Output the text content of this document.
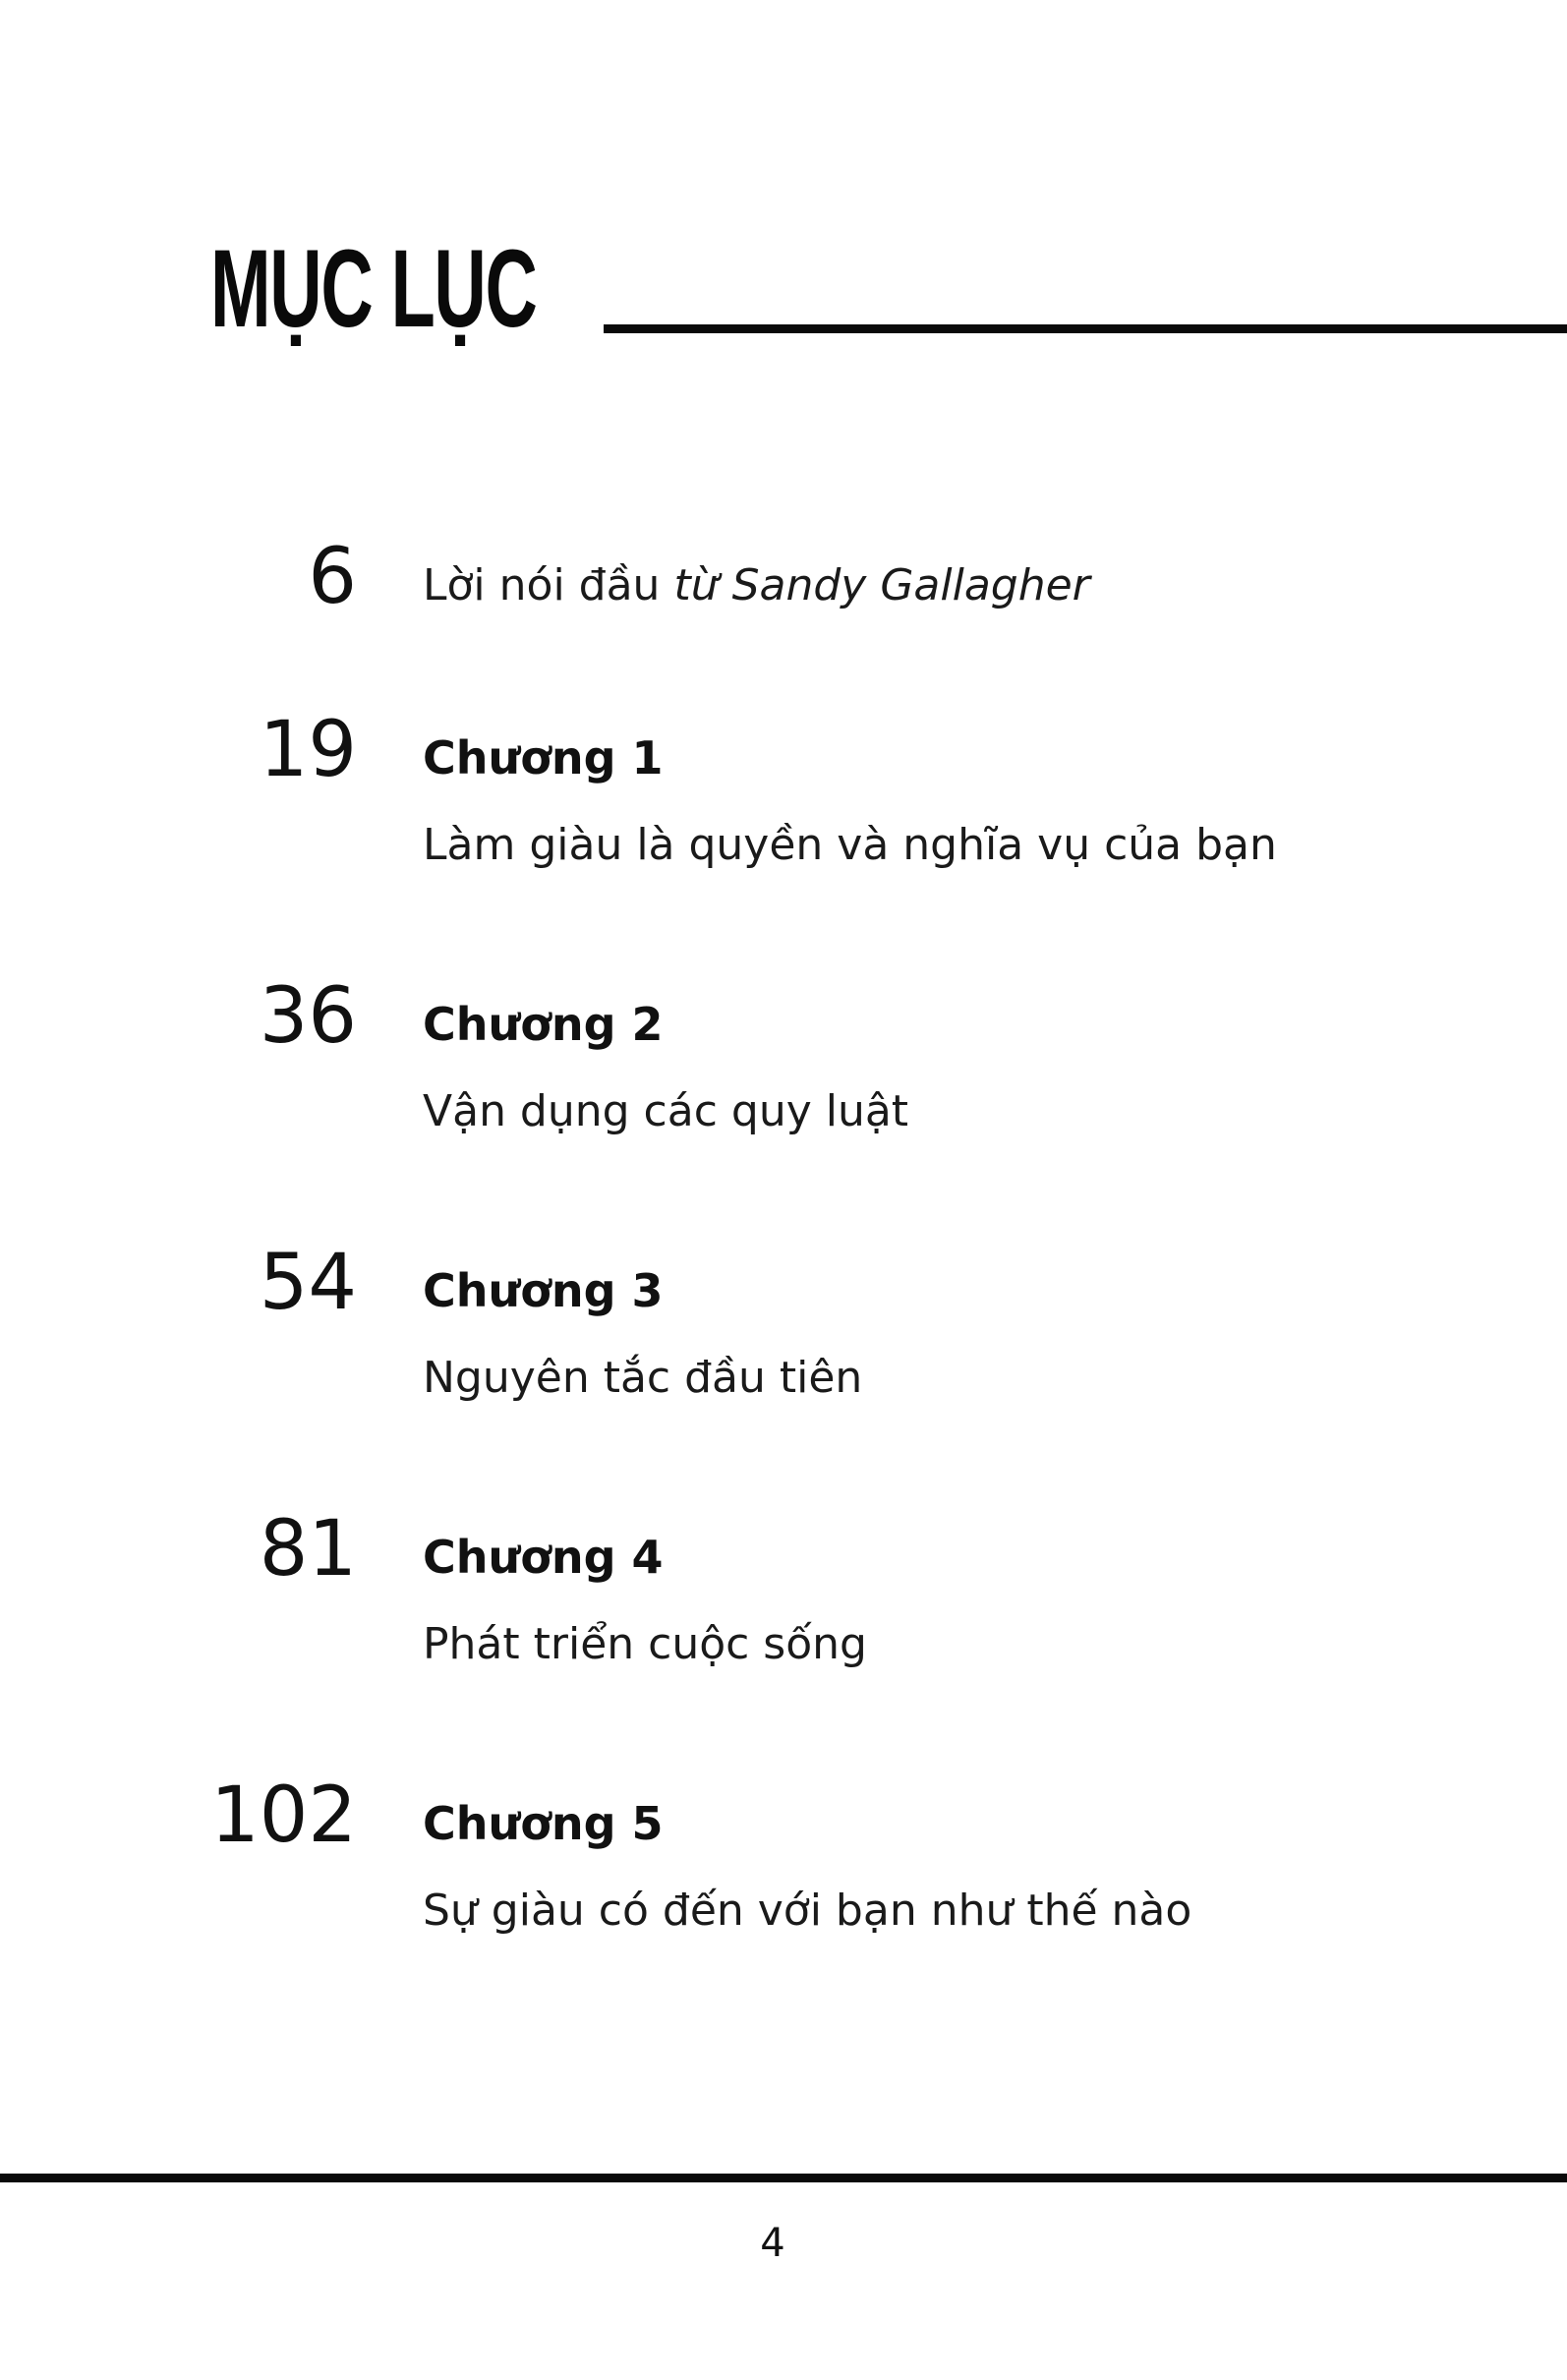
MỤC LỤC
6 Lời nói đầu từ Sandy Gallagher
19 Chương 1
Làm giàu là quyền và nghĩa vụ của bạn
36 Chương 2
Vận dụng các quy luật
54 Chương 3
Nguyên tắc đầu tiên
81 Chương 4
Phát triển cuộc sống
102 Chương 5
Sự giàu có đến với bạn như thế nào
4
